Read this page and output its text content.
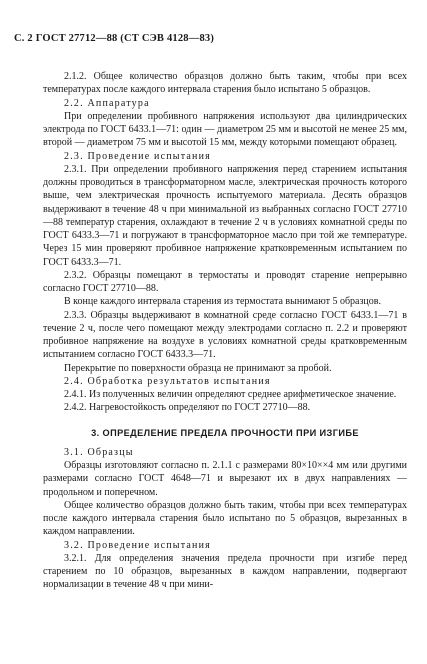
С. 2 ГОСТ 27712—88 (СТ СЭВ 4128—83)

2.1.2. Общее количество образцов должно быть таким, чтобы при всех температурах после каждого интервала старения было испытано 5 образцов.

2.2. Аппаратура

При определении пробивного напряжения используют два цилиндрических электрода по ГОСТ 6433.1—71: один — диаметром 25 мм и высотой не менее 25 мм, второй — диаметром 75 мм и высотой 15 мм, между которыми помещают образец.

2.3. Проведение испытания

2.3.1. При определении пробивного напряжения перед старением испытания должны проводиться в трансформаторном масле, электрическая прочность которого выше, чем электрическая прочность испытуемого материала. Десять образцов выдерживают в течение 48 ч при минимальной из выбранных согласно ГОСТ 27710—88 температур старения, охлаждают в течение 2 ч в условиях комнатной среды по ГОСТ 6433.3—71 и погружают в трансформаторное масло при той же температуре. Через 15 мин проверяют пробивное напряжение кратковременным испытанием по ГОСТ 6433.3—71.

2.3.2. Образцы помещают в термостаты и проводят старение непрерывно согласно ГОСТ 27710—88.

В конце каждого интервала старения из термостата вынимают 5 образцов.

2.3.3. Образцы выдерживают в комнатной среде согласно ГОСТ 6433.1—71 в течение 2 ч, после чего помещают между электродами согласно п. 2.2 и проверяют пробивное напряжение на воздухе в условиях комнатной среды кратковременным испытанием согласно ГОСТ 6433.3—71.

Перекрытие по поверхности образца не принимают за пробой.

2.4. Обработка результатов испытания

2.4.1. Из полученных величин определяют среднее арифметическое значение.

2.4.2. Нагревостойкость определяют по ГОСТ 27710—88.

3. ОПРЕДЕЛЕНИЕ ПРЕДЕЛА ПРОЧНОСТИ ПРИ ИЗГИБЕ

3.1. Образцы

Образцы изготовляют согласно п. 2.1.1 с размерами 80×10××4 мм или другими размерами согласно ГОСТ 4648—71 и вырезают их в двух направлениях — продольном и поперечном.

Общее количество образцов должно быть таким, чтобы при всех температурах после каждого интервала старения было испытано по 5 образцов, вырезанных в каждом направлении.

3.2. Проведение испытания

3.2.1. Для определения значения предела прочности при изгибе перед старением по 10 образцов, вырезанных в каждом направлении, подвергают нормализации в течение 48 ч при мини-
